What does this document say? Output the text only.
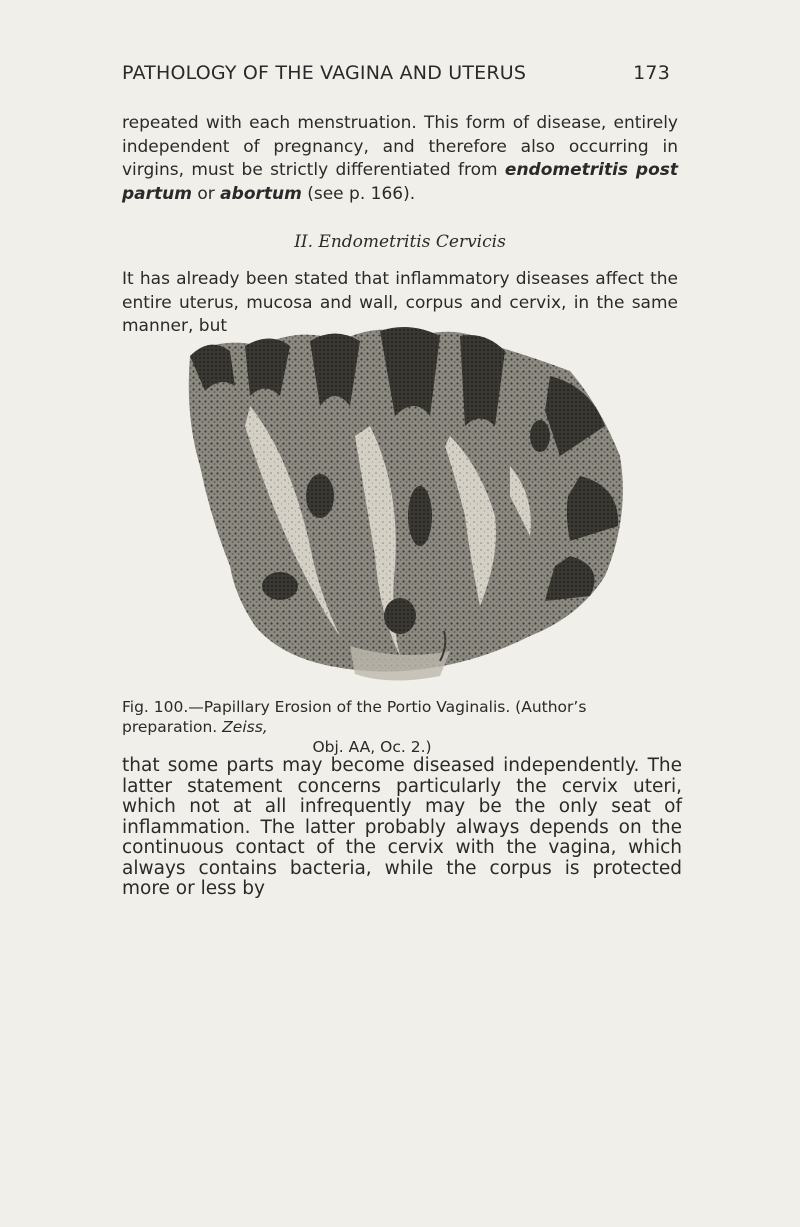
PATHOLOGY OF THE VAGINA AND UTERUS	173

repeated with each menstruation. This form of disease, entirely independent of pregnancy, and therefore also occurring in virgins, must be strictly differentiated from endometritis post partum or abortum (see p. 166).

II. Endometritis Cervicis

It has already been stated that inflammatory diseases affect the entire uterus, mucosa and wall, corpus and cervix, in the same manner, but

Fig. 100.—Papillary Erosion of the Portio Vaginalis. (Author’s preparation. Zeiss,
Obj. AA, Oc. 2.)

that some parts may become diseased independently. The latter statement concerns particularly the cervix uteri, which not at all infrequently may be the only seat of inflammation. The latter probably always depends on the continuous contact of the cervix with the vagina, which always contains bacteria, while the corpus is protected more or less by
